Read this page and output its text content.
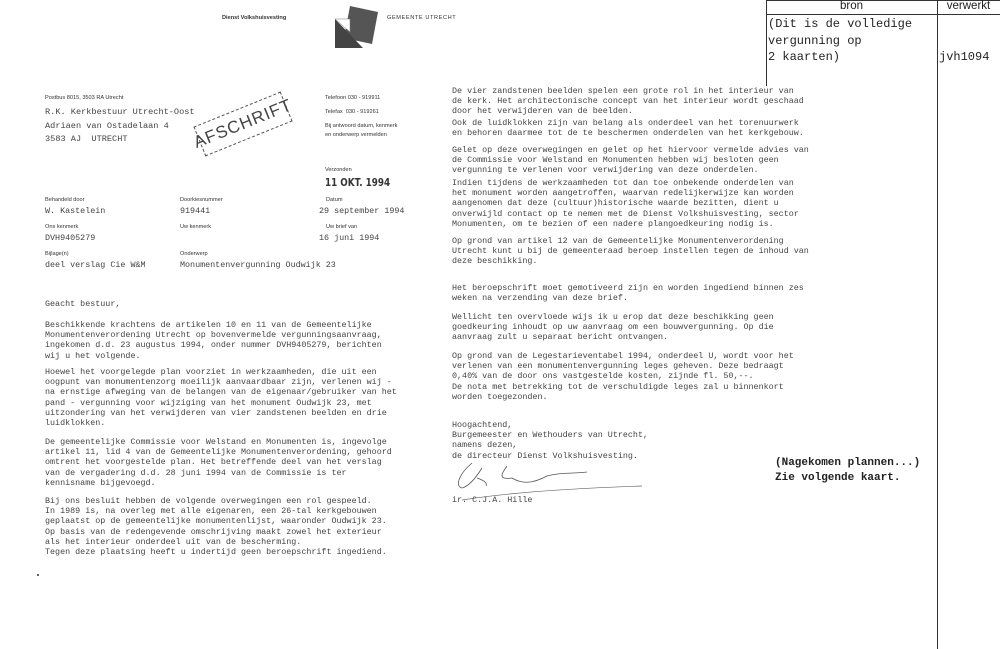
bron	verwerkt
(Dit is de volledige
vergunning op
2 kaarten)	jvh1094
(Nagekomen plannen...)
Zie volgende kaart.
Dienst Volkshuisvesting	GEMEENTE UTRECHT
Postbus 8015, 3503 RA Utrecht
R.K. Kerkbestuur Utrecht-Oost
Adriaen van Ostadelaan 4
3583 AJ  UTRECHT	AFSCHRIFT	Telefoon 030 - 919911
Telefax  030 - 919261
Bij antwoord datum, kenmerk
en onderwerp vermelden
Verzonden
11 OKT. 1994
Behandeld door
W. Kastelein
Doorkiesnummer
919441
Datum
29 september 1994
Ons kenmerk
DVH9405279
Uw kenmerk	Uw brief van
16 juni 1994
Bijlage(n)
deel verslag Cie W&M
Onderwerp
Monumentenvergunning Oudwijk 23
Geacht bestuur,
Beschikkende krachtens de artikelen 10 en 11 van de Gemeentelijke
Monumentenverordening Utrecht op bovenvermelde vergunningsaanvraag,
ingekomen d.d. 23 augustus 1994, onder nummer DVH9405279, berichten
wij u het volgende.
Hoewel het voorgelegde plan voorziet in werkzaamheden, die uit een
oogpunt van monumentenzorg moeilijk aanvaardbaar zijn, verlenen wij -
na ernstige afweging van de belangen van de eigenaar/gebruiker van het
pand - vergunning voor wijziging van het monument Oudwijk 23, met
uitzondering van het verwijderen van vier zandstenen beelden en drie
luidklokken.
De gemeentelijke Commissie voor Welstand en Monumenten is, ingevolge
artikel 11, lid 4 van de Gemeentelijke Monumentenverordening, gehoord
omtrent het voorgestelde plan. Het betreffende deel van het verslag
van de vergadering d.d. 28 juni 1994 van de Commissie is ter
kennisname bijgevoegd.
Bij ons besluit hebben de volgende overwegingen een rol gespeeld.
In 1989 is, na overleg met alle eigenaren, een 26-tal kerkgebouwen
geplaatst op de gemeentelijke monumentenlijst, waaronder Oudwijk 23.
Op basis van de redengevende omschrijving maakt zowel het exterieur
als het interieur onderdeel uit van de bescherming.
Tegen deze plaatsing heeft u indertijd geen beroepschrift ingediend.
De vier zandstenen beelden spelen een grote rol in het interieur van
de kerk. Het architectonische concept van het interieur wordt geschaad
door het verwijderen van de beelden.
Ook de luidklokken zijn van belang als onderdeel van het torenuurwerk
en behoren daarmee tot de te beschermen onderdelen van het kerkgebouw.
Gelet op deze overwegingen en gelet op het hiervoor vermelde advies van
de Commissie voor Welstand en Monumenten hebben wij besloten geen
vergunning te verlenen voor verwijdering van deze onderdelen.
Indien tijdens de werkzaamheden tot dan toe onbekende onderdelen van
het monument worden aangetroffen, waarvan redelijkerwijze kan worden
aangenomen dat deze (cultuur)historische waarde bezitten, dient u
onverwijld contact op te nemen met de Dienst Volkshuisvesting, sector
Monumenten, om te bezien of een nadere plangoedkeuring nodig is.
Op grond van artikel 12 van de Gemeentelijke Monumentenverordening
Utrecht kunt u bij de gemeenteraad beroep instellen tegen de inhoud van
deze beschikking.
Het beroepschrift moet gemotiveerd zijn en worden ingediend binnen zes
weken na verzending van deze brief.
Wellicht ten overvloede wijs ik u erop dat deze beschikking geen
goedkeuring inhoudt op uw aanvraag om een bouwvergunning. Op die
aanvraag zult u separaat bericht ontvangen.
Op grond van de Legestarieventabel 1994, onderdeel U, wordt voor het
verlenen van een monumentenvergunning leges geheven. Deze bedraagt
0,40% van de door ons vastgestelde kosten, zijnde fl. 50,--.
De nota met betrekking tot de verschuldigde leges zal u binnenkort
worden toegezonden.
Hoogachtend,
Burgemeester en Wethouders van Utrecht,
namens dezen,
de directeur Dienst Volkshuisvesting.
ir. C.J.A. Hille
